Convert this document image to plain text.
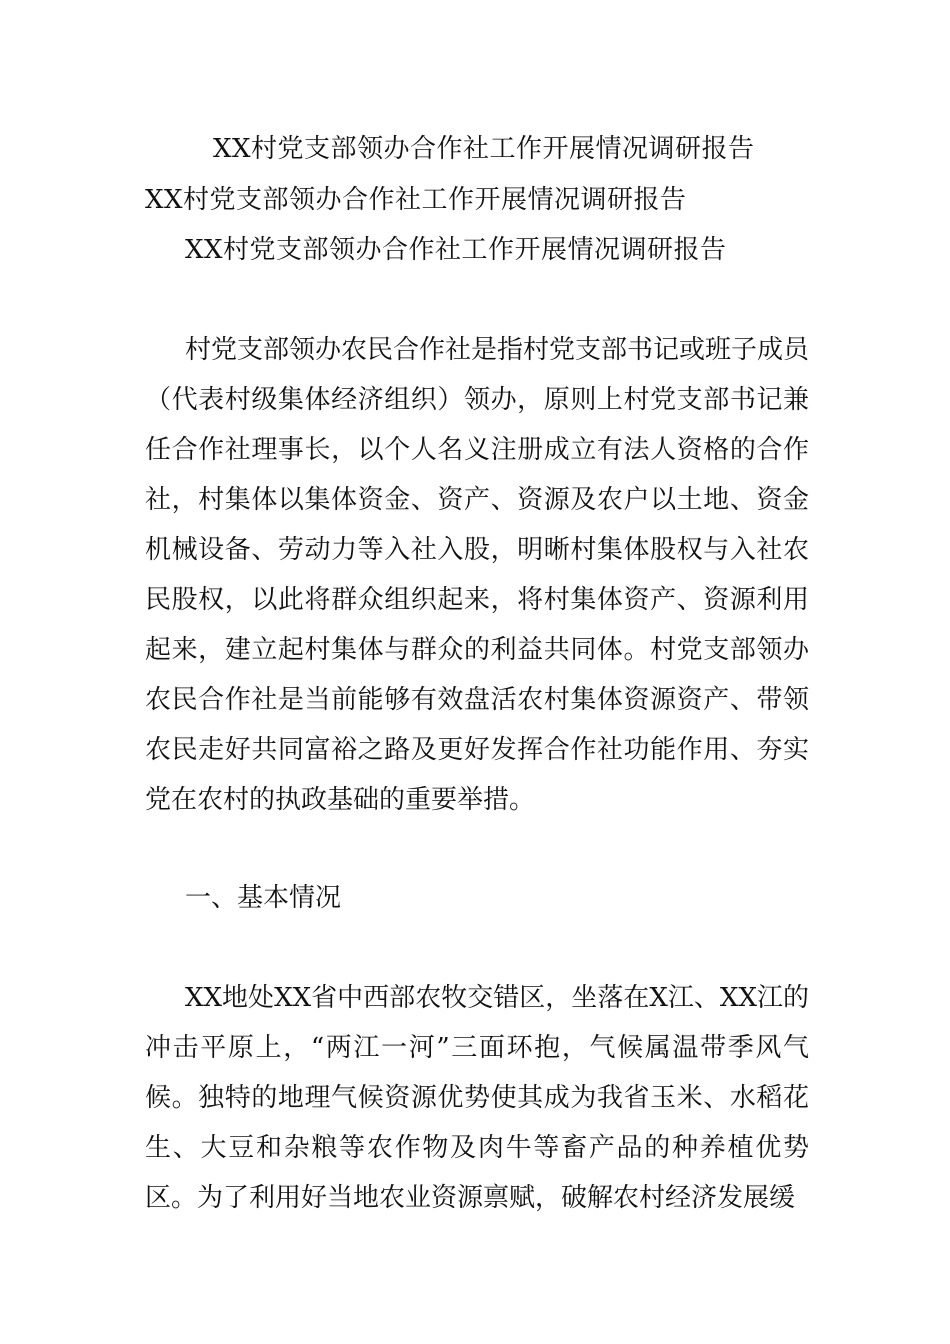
XX村党支部领办合作社工作开展情况调研报告
XX村党支部领办合作社工作开展情况调研报告
XX村党支部领办合作社工作开展情况调研报告

村党支部领办农民合作社是指村党支部书记或班子成员（代表村级集体经济组织）领办，原则上村党支部书记兼任合作社理事长，以个人名义注册成立有法人资格的合作社，村集体以集体资金、资产、资源及农户以土地、资金机械设备、劳动力等入社入股，明晰村集体股权与入社农民股权，以此将群众组织起来，将村集体资产、资源利用起来，建立起村集体与群众的利益共同体。村党支部领办农民合作社是当前能够有效盘活农村集体资源资产、带领农民走好共同富裕之路及更好发挥合作社功能作用、夯实党在农村的执政基础的重要举措。

一、基本情况

XX地处XX省中西部农牧交错区，坐落在X江、XX江的冲击平原上，“两江一河”三面环抱，气候属温带季风气候。独特的地理气候资源优势使其成为我省玉米、水稻花生、大豆和杂粮等农作物及肉牛等畜产品的种养植优势区。为了利用好当地农业资源禀赋，破解农村经济发展缓
